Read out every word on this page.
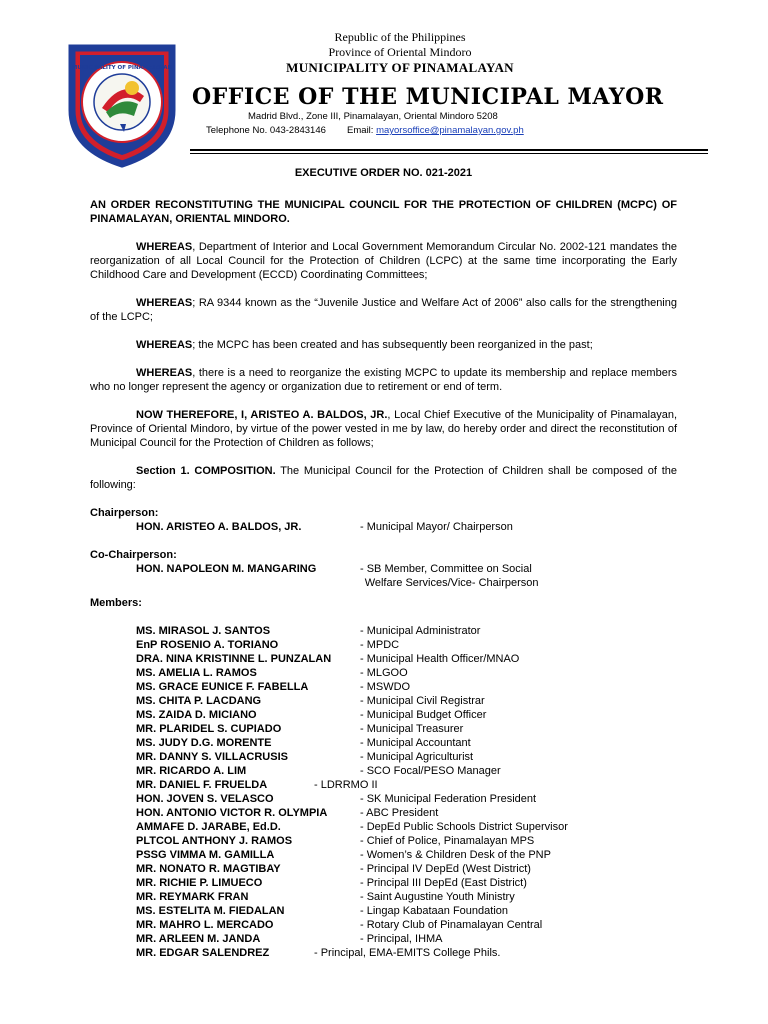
MUNICIPALITY OF PINAMALAYAN
Republic of the Philippines
Province of Oriental Mindoro
MUNICIPALITY OF PINAMALAYAN
OFFICE OF THE MUNICIPAL MAYOR
Madrid Blvd., Zone III, Pinamalayan, Oriental Mindoro 5208
Telephone No. 043-2843146 Email: mayorsoffice@pinamalayan.gov.ph
EXECUTIVE ORDER NO. 021-2021
AN ORDER RECONSTITUTING THE MUNICIPAL COUNCIL FOR THE PROTECTION OF CHILDREN (MCPC) OF PINAMALAYAN, ORIENTAL MINDORO.
WHEREAS, Department of Interior and Local Government Memorandum Circular No. 2002-121 mandates the reorganization of all Local Council for the Protection of Children (LCPC) at the same time incorporating the Early Childhood Care and Development (ECCD) Coordinating Committees;
WHEREAS; RA 9344 known as the “Juvenile Justice and Welfare Act of 2006” also calls for the strengthening of the LCPC;
WHEREAS; the MCPC has been created and has subsequently been reorganized in the past;
WHEREAS, there is a need to reorganize the existing MCPC to update its membership and replace members who no longer represent the agency or organization due to retirement or end of term.
NOW THEREFORE, I, ARISTEO A. BALDOS, JR., Local Chief Executive of the Municipality of Pinamalayan, Province of Oriental Mindoro, by virtue of the power vested in me by law, do hereby order and direct the reconstitution of Municipal Council for the Protection of Children as follows;
Section 1. COMPOSITION. The Municipal Council for the Protection of Children shall be composed of the following:
Chairperson:
HON. ARISTEO A. BALDOS, JR.	- Municipal Mayor/ Chairperson
Co-Chairperson:
HON. NAPOLEON M. MANGARING	- SB Member, Committee on Social
Welfare Services/Vice- Chairperson
Members:
MS. MIRASOL J. SANTOS	- Municipal Administrator
EnP ROSENIO A. TORIANO	- MPDC
DRA. NINA KRISTINNE L. PUNZALAN	- Municipal Health Officer/MNAO
MS. AMELIA L. RAMOS	- MLGOO
MS. GRACE EUNICE F. FABELLA	- MSWDO
MS. CHITA P. LACDANG	- Municipal Civil Registrar
MS. ZAIDA D. MICIANO	- Municipal Budget Officer
MR. PLARIDEL S. CUPIADO	- Municipal Treasurer
MS. JUDY D.G. MORENTE	- Municipal Accountant
MR. DANNY S. VILLACRUSIS	- Municipal Agriculturist
MR. RICARDO A. LIM	- SCO Focal/PESO Manager
MR. DANIEL F. FRUELDA	- LDRRMO II
HON. JOVEN S. VELASCO	- SK Municipal Federation President
HON. ANTONIO VICTOR R. OLYMPIA	- ABC President
AMMAFE D. JARABE, Ed.D.	- DepEd Public Schools District Supervisor
PLTCOL ANTHONY J. RAMOS	- Chief of Police, Pinamalayan MPS
PSSG VIMMA M. GAMILLA	- Women’s & Children Desk of the PNP
MR. NONATO R. MAGTIBAY	- Principal IV DepEd (West District)
MR. RICHIE P. LIMUECO	- Principal III DepEd (East District)
MR. REYMARK FRAN	- Saint Augustine Youth Ministry
MS. ESTELITA M. FIEDALAN	- Lingap Kabataan Foundation
MR. MAHRO L. MERCADO	- Rotary Club of Pinamalayan Central
MR. ARLEEN M. JANDA	- Principal, IHMA
MR. EDGAR SALENDREZ	- Principal, EMA-EMITS College Phils.
